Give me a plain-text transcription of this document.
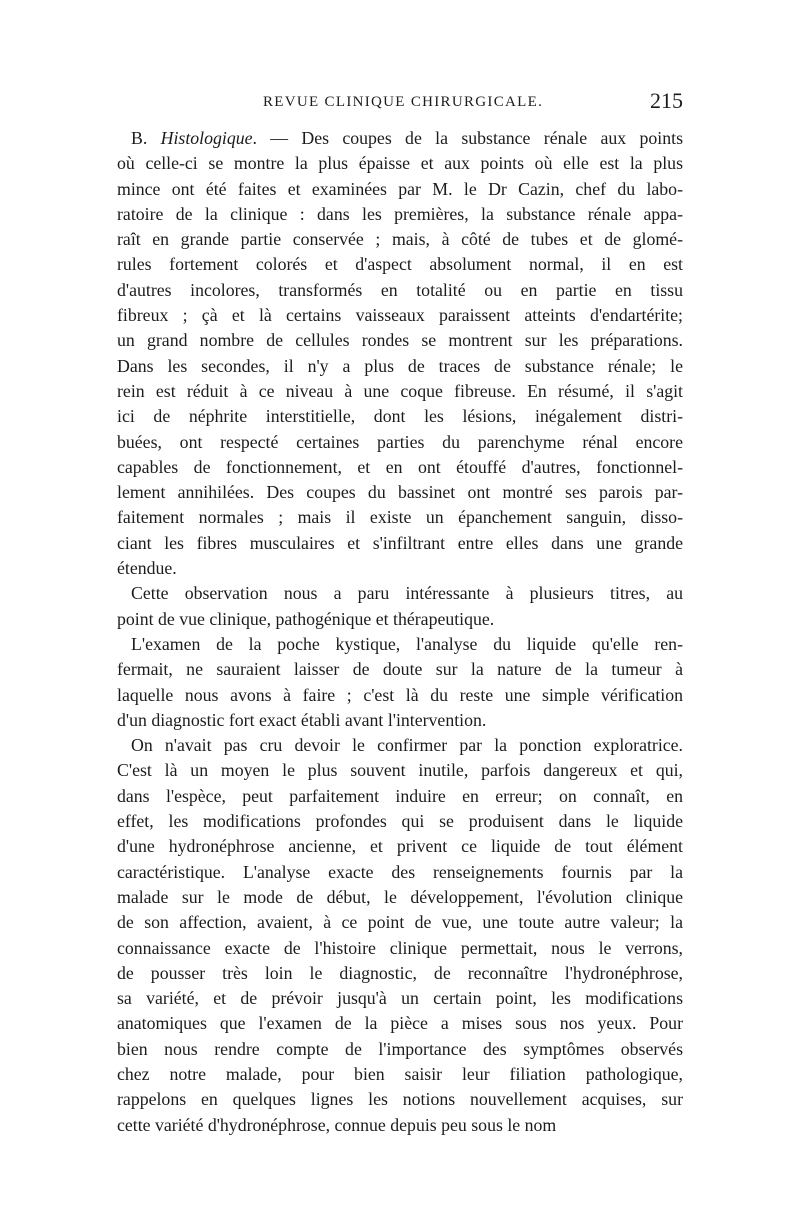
REVUE CLINIQUE CHIRURGICALE.	215
B. Histologique. — Des coupes de la substance rénale aux points
où celle-ci se montre la plus épaisse et aux points où elle est la plus
mince ont été faites et examinées par M. le Dr Cazin, chef du labo-
ratoire de la clinique : dans les premières, la substance rénale appa-
raît en grande partie conservée ; mais, à côté de tubes et de glomé-
rules fortement colorés et d'aspect absolument normal, il en est
d'autres incolores, transformés en totalité ou en partie en tissu
fibreux ; çà et là certains vaisseaux paraissent atteints d'endartérite;
un grand nombre de cellules rondes se montrent sur les préparations.
Dans les secondes, il n'y a plus de traces de substance rénale; le
rein est réduit à ce niveau à une coque fibreuse. En résumé, il s'agit
ici de néphrite interstitielle, dont les lésions, inégalement distri-
buées, ont respecté certaines parties du parenchyme rénal encore
capables de fonctionnement, et en ont étouffé d'autres, fonctionnel-
lement annihilées. Des coupes du bassinet ont montré ses parois par-
faitement normales ; mais il existe un épanchement sanguin, disso-
ciant les fibres musculaires et s'infiltrant entre elles dans une grande
étendue.
Cette observation nous a paru intéressante à plusieurs titres, au
point de vue clinique, pathogénique et thérapeutique.
L'examen de la poche kystique, l'analyse du liquide qu'elle ren-
fermait, ne sauraient laisser de doute sur la nature de la tumeur à
laquelle nous avons à faire ; c'est là du reste une simple vérification
d'un diagnostic fort exact établi avant l'intervention.
On n'avait pas cru devoir le confirmer par la ponction exploratrice.
C'est là un moyen le plus souvent inutile, parfois dangereux et qui,
dans l'espèce, peut parfaitement induire en erreur; on connaît, en
effet, les modifications profondes qui se produisent dans le liquide
d'une hydronéphrose ancienne, et privent ce liquide de tout élément
caractéristique. L'analyse exacte des renseignements fournis par la
malade sur le mode de début, le développement, l'évolution clinique
de son affection, avaient, à ce point de vue, une toute autre valeur; la
connaissance exacte de l'histoire clinique permettait, nous le verrons,
de pousser très loin le diagnostic, de reconnaître l'hydronéphrose,
sa variété, et de prévoir jusqu'à un certain point, les modifications
anatomiques que l'examen de la pièce a mises sous nos yeux. Pour
bien nous rendre compte de l'importance des symptômes observés
chez notre malade, pour bien saisir leur filiation pathologique,
rappelons en quelques lignes les notions nouvellement acquises, sur
cette variété d'hydronéphrose, connue depuis peu sous le nom
